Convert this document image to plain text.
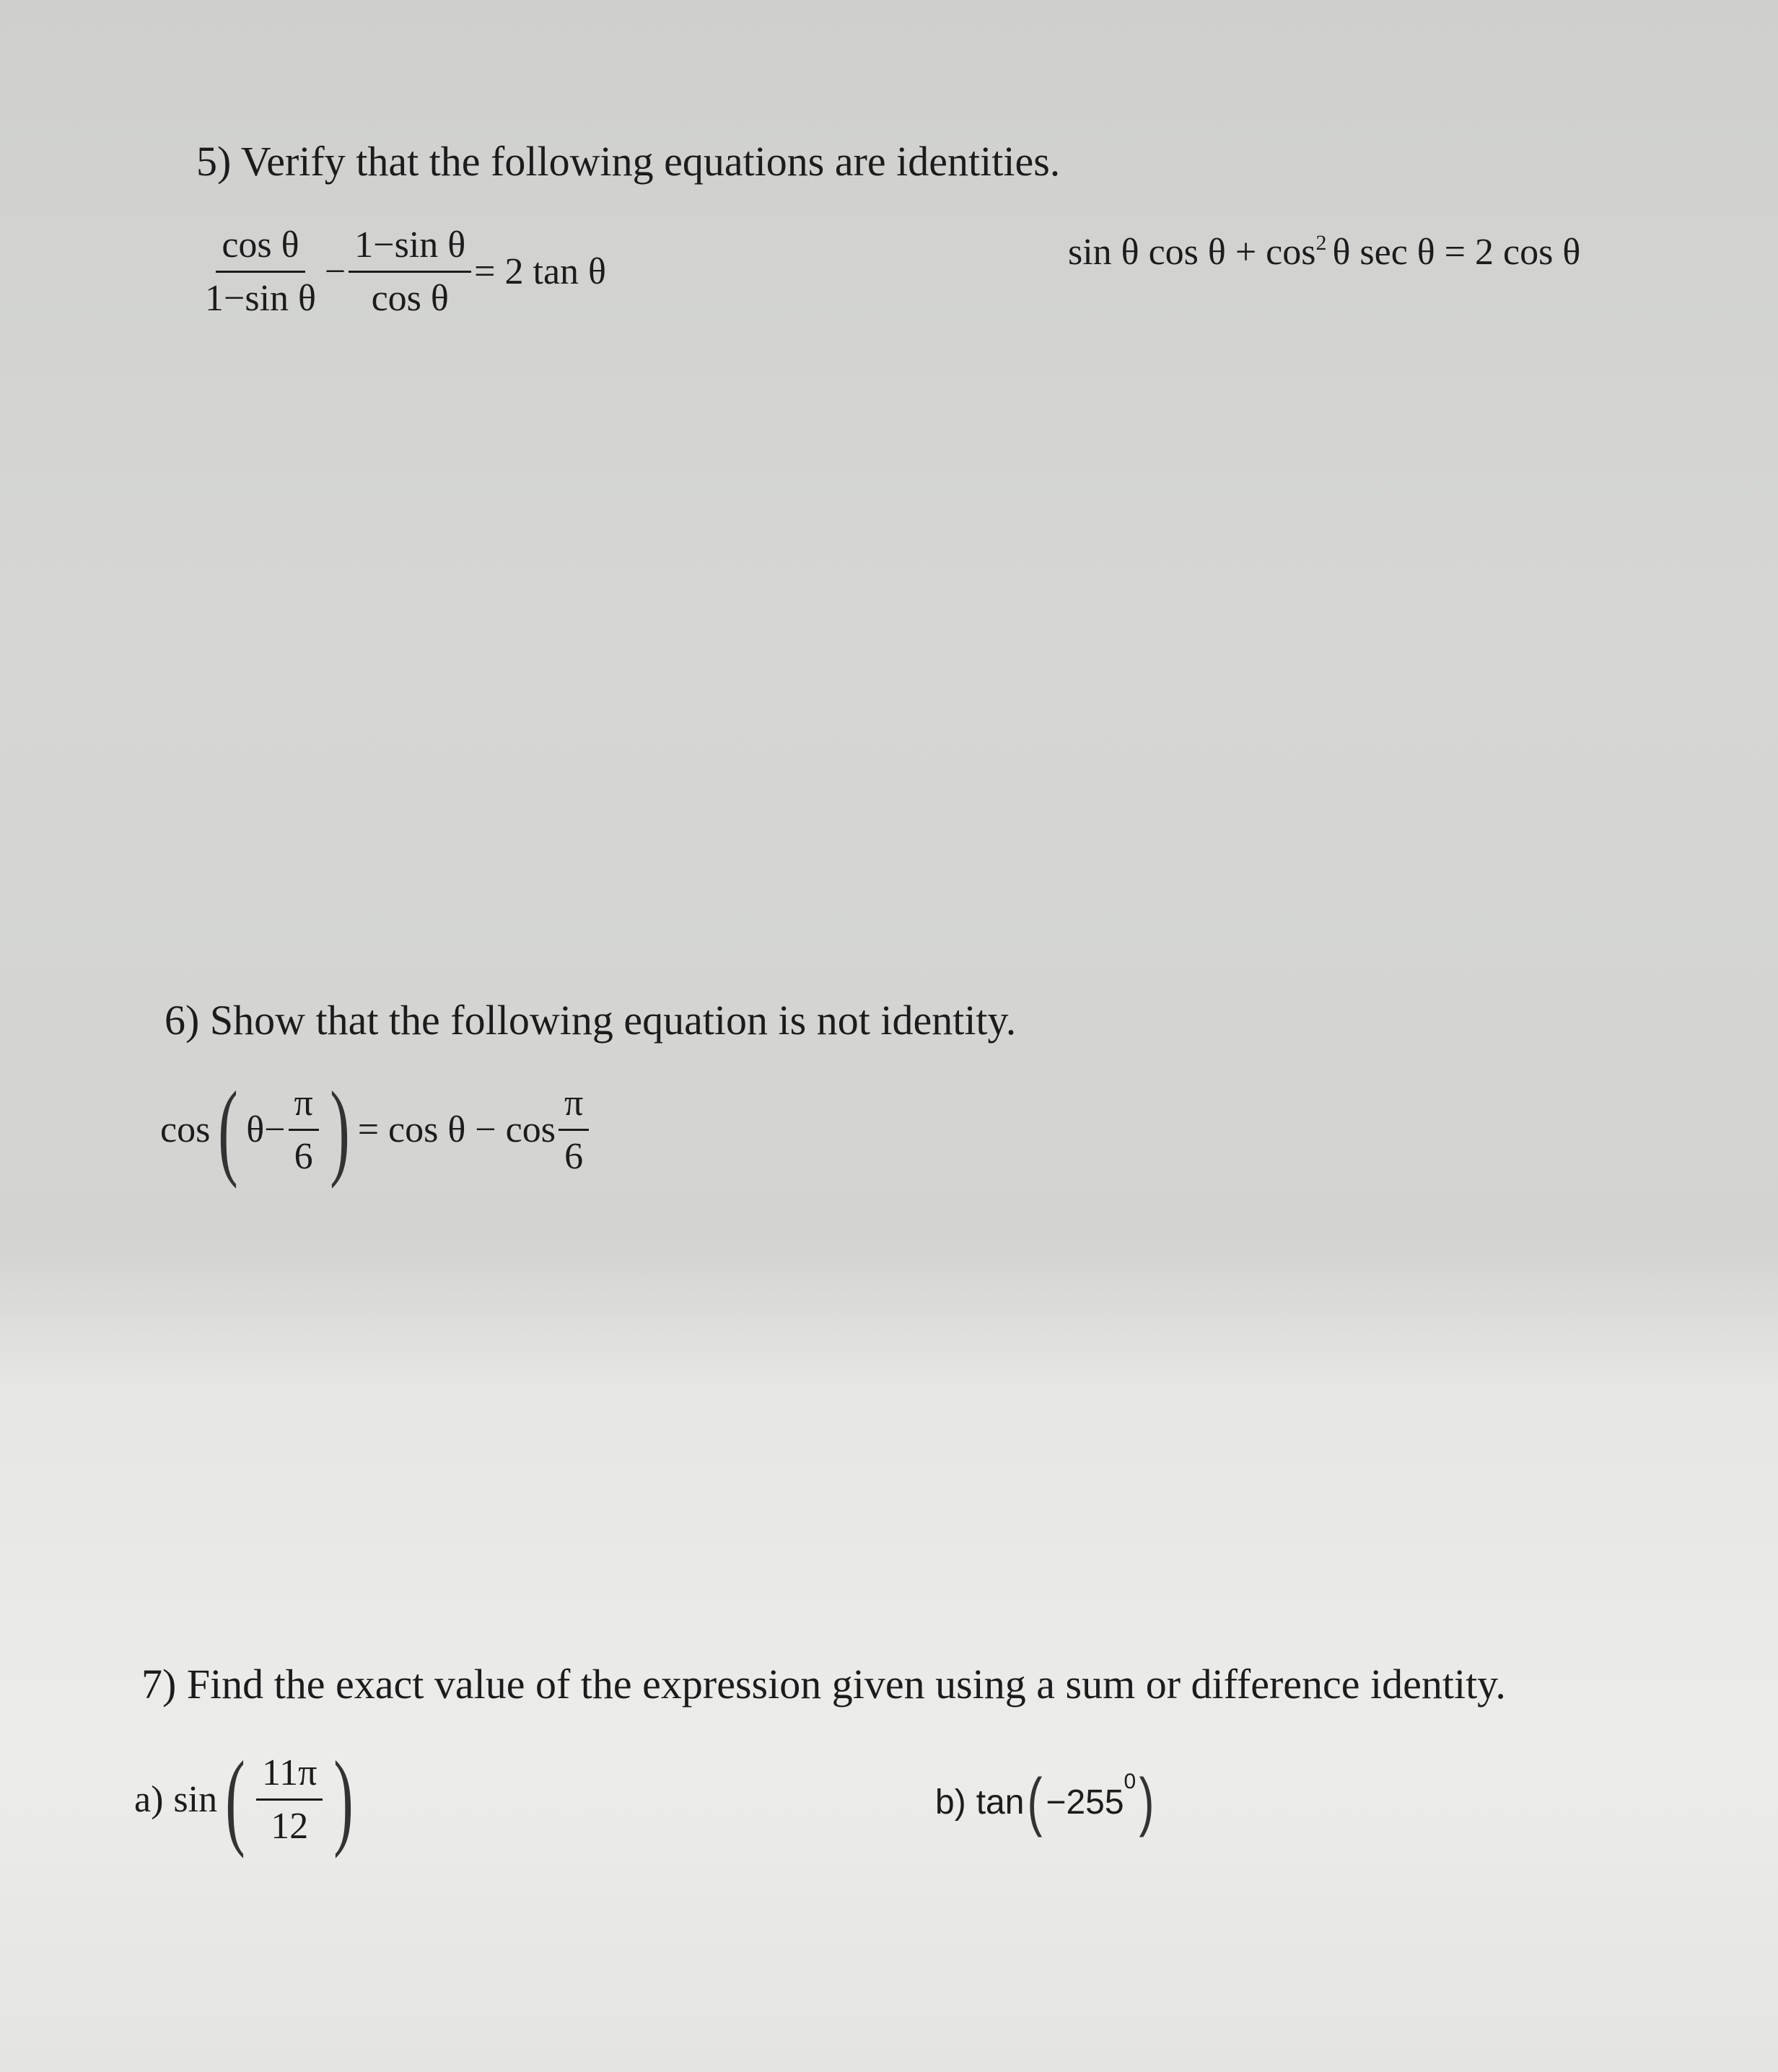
5) Verify that the following equations are identities.
$\frac{\text{cos θ}}{\text{1−sin θ}} - \frac{\text{1−sin θ}}{\text{cos θ}} = 2$ tan θ	sin θ $\cos \theta + \cos^2 \theta$ sec θ = 2 cos θ
6) Show that the following equation is not identity.
cos ( $\theta- \frac{\pi}{6}$ ) = $\cos \theta - \cos \frac{\pi}{6}$
7) Find the exact value of the expression given using a sum or difference identity.
a) sin ( $\frac{11\pi}{12}$ )	b) tan ( −255
$^0$ )
